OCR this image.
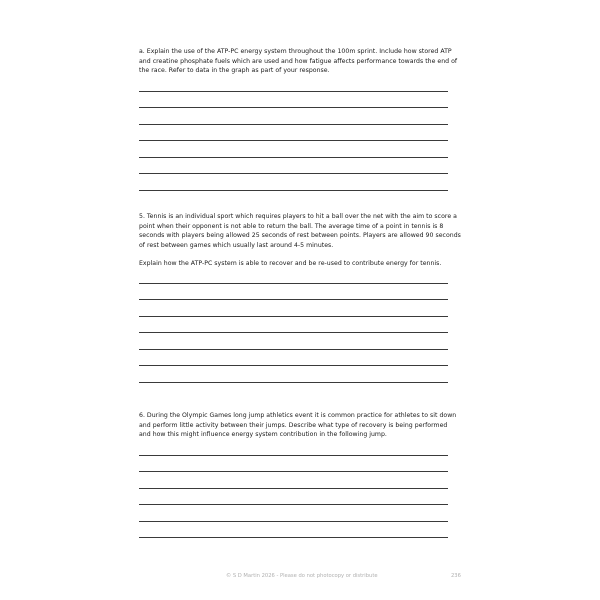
a. Explain the use of the ATP-PC energy system throughout the 100m sprint. Include how stored ATP and creatine phosphate fuels which are used and how fatigue affects performance towards the end of the race. Refer to data in the graph as part of your response.

5. Tennis is an individual sport which requires players to hit a ball over the net with the aim to score a point when their opponent is not able to return the ball. The average time of a point in tennis is 8 seconds with players being allowed 25 seconds of rest between points. Players are allowed 90 seconds of rest between games which usually last around 4-5 minutes.

Explain how the ATP-PC system is able to recover and be re-used to contribute energy for tennis.

6. During the Olympic Games long jump athletics event it is common practice for athletes to sit down and perform little activity between their jumps. Describe what type of recovery is being performed and how this might influence energy system contribution in the following jump.

© S D Martin 2026 - Please do not photocopy or distribute	236
